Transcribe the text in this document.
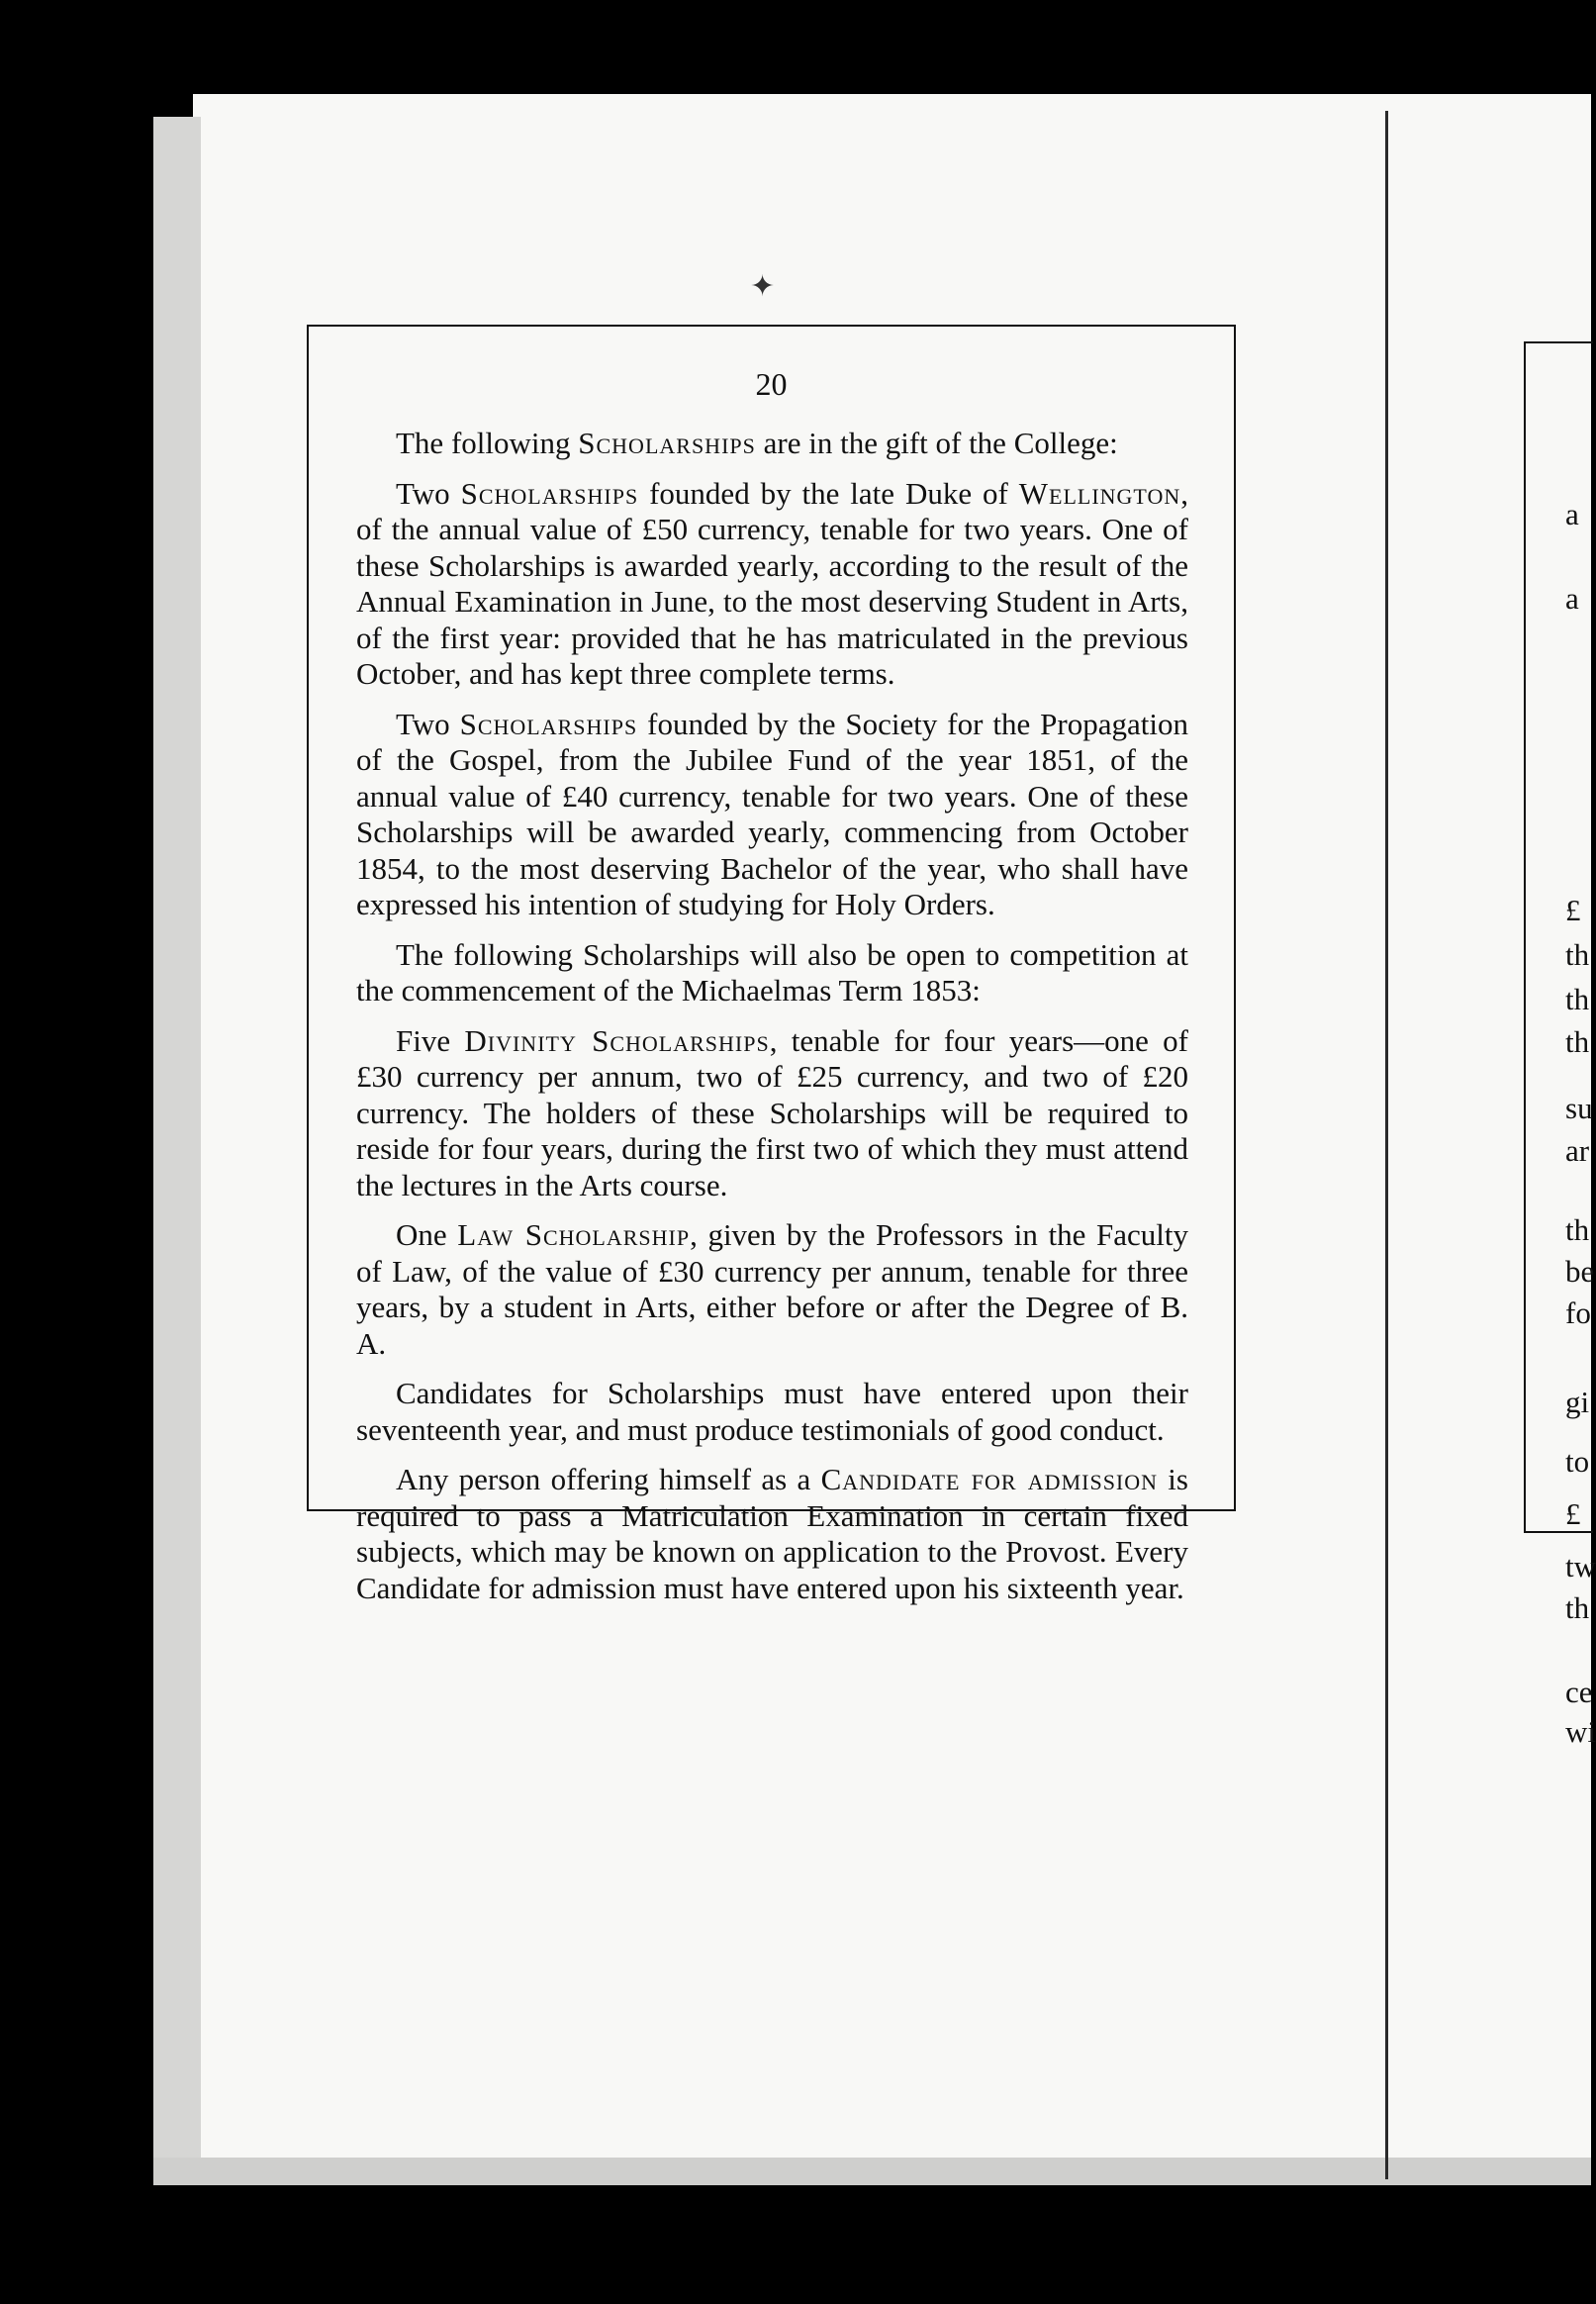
✦
20

The following Scholarships are in the gift of the College:

Two Scholarships founded by the late Duke of Wellington, of the annual value of £50 currency, tenable for two years. One of these Scholarships is awarded yearly, according to the result of the Annual Examination in June, to the most deserving Student in Arts, of the first year: provided that he has matriculated in the previous October, and has kept three complete terms.

Two Scholarships founded by the Society for the Propagation of the Gospel, from the Jubilee Fund of the year 1851, of the annual value of £40 currency, tenable for two years. One of these Scholarships will be awarded yearly, commencing from October 1854, to the most deserving Bachelor of the year, who shall have expressed his intention of studying for Holy Orders.

The following Scholarships will also be open to competition at the commencement of the Michaelmas Term 1853:

Five Divinity Scholarships, tenable for four years—one of £30 currency per annum, two of £25 currency, and two of £20 currency. The holders of these Scholarships will be required to reside for four years, during the first two of which they must attend the lectures in the Arts course.

One Law Scholarship, given by the Professors in the Faculty of Law, of the value of £30 currency per annum, tenable for three years, by a student in Arts, either before or after the Degree of B. A.

Candidates for Scholarships must have entered upon their seventeenth year, and must produce testimonials of good conduct.

Any person offering himself as a Candidate for admission is required to pass a Matriculation Examination in certain fixed subjects, which may be known on application to the Provost. Every Candidate for admission must have entered upon his sixteenth year.

a
a
£
th
th
th
su
ar
th
be
fo
gi
to
£
tw
th
ce
wi
